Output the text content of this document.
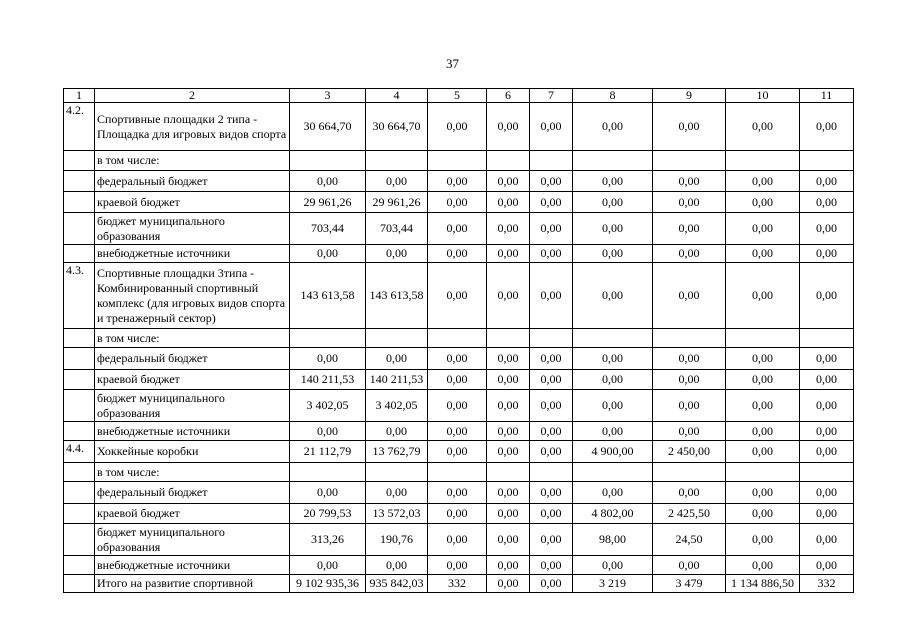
37
1	2	3	4	5	6	7	8	9	10	11
4.2.	Спортивные площадки 2 типа - Площадка для игровых видов спорта	30 664,70	30 664,70	0,00	0,00	0,00	0,00	0,00	0,00	0,00
	в том числе:									
	федеральный бюджет	0,00	0,00	0,00	0,00	0,00	0,00	0,00	0,00	0,00
	краевой бюджет	29 961,26	29 961,26	0,00	0,00	0,00	0,00	0,00	0,00	0,00
	бюджет муниципального образования	703,44	703,44	0,00	0,00	0,00	0,00	0,00	0,00	0,00
	внебюджетные источники	0,00	0,00	0,00	0,00	0,00	0,00	0,00	0,00	0,00
4.3.	Спортивные площадки 3типа - Комбинированный спортивный комплекс (для игровых видов спорта и тренажерный сектор)	143 613,58	143 613,58	0,00	0,00	0,00	0,00	0,00	0,00	0,00
	в том числе:									
	федеральный бюджет	0,00	0,00	0,00	0,00	0,00	0,00	0,00	0,00	0,00
	краевой бюджет	140 211,53	140 211,53	0,00	0,00	0,00	0,00	0,00	0,00	0,00
	бюджет муниципального образования	3 402,05	3 402,05	0,00	0,00	0,00	0,00	0,00	0,00	0,00
	внебюджетные источники	0,00	0,00	0,00	0,00	0,00	0,00	0,00	0,00	0,00
4.4.	Хоккейные коробки	21 112,79	13 762,79	0,00	0,00	0,00	4 900,00	2 450,00	0,00	0,00
	в том числе:									
	федеральный бюджет	0,00	0,00	0,00	0,00	0,00	0,00	0,00	0,00	0,00
	краевой бюджет	20 799,53	13 572,03	0,00	0,00	0,00	4 802,00	2 425,50	0,00	0,00
	бюджет муниципального образования	313,26	190,76	0,00	0,00	0,00	98,00	24,50	0,00	0,00
	внебюджетные источники	0,00	0,00	0,00	0,00	0,00	0,00	0,00	0,00	0,00
	Итого на развитие спортивной	9 102 935,36	935 842,03	332	0,00	0,00	3 219	3 479	1 134 886,50	332
